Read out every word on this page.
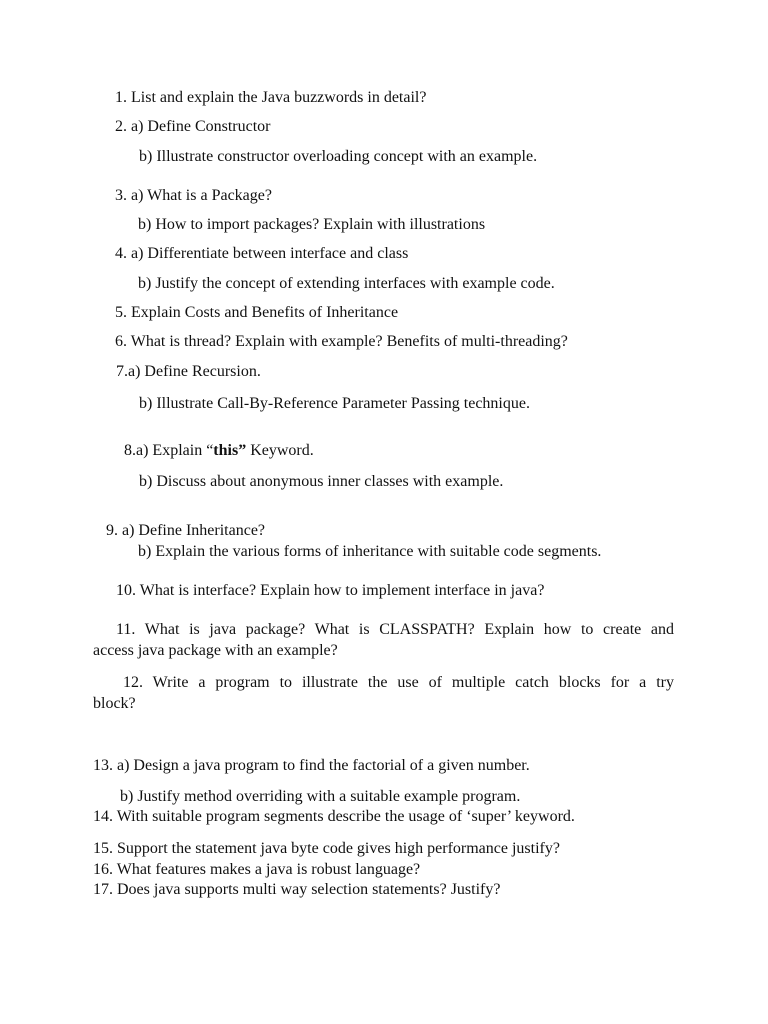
1. List and explain the Java buzzwords in detail?
2. a) Define Constructor
b) Illustrate constructor overloading concept with an example.
3. a) What is a Package?
b) How to import packages? Explain with illustrations
4. a) Differentiate between interface and class
b) Justify the concept of extending interfaces with example code.
5. Explain Costs and Benefits of Inheritance
6. What is thread? Explain with example? Benefits of multi-threading?
7.a) Define Recursion.
b) Illustrate Call-By-Reference Parameter Passing technique.
8.a) Explain “this” Keyword.
b) Discuss about anonymous inner classes with example.
9. a) Define Inheritance?
b) Explain the various forms of inheritance with suitable code segments.
10. What is interface? Explain how to implement interface in java?
11. What is java package? What is CLASSPATH? Explain how to create and
access java package with an example?
12. Write a program to illustrate the use of multiple catch blocks for a try
block?
13. a) Design a java program to find the factorial of a given number.
b) Justify method overriding with a suitable example program.
14. With suitable program segments describe the usage of ‘super’ keyword.
15. Support the statement java byte code gives high performance justify?
16. What features makes a java is robust language?
17. Does java supports multi way selection statements? Justify?
